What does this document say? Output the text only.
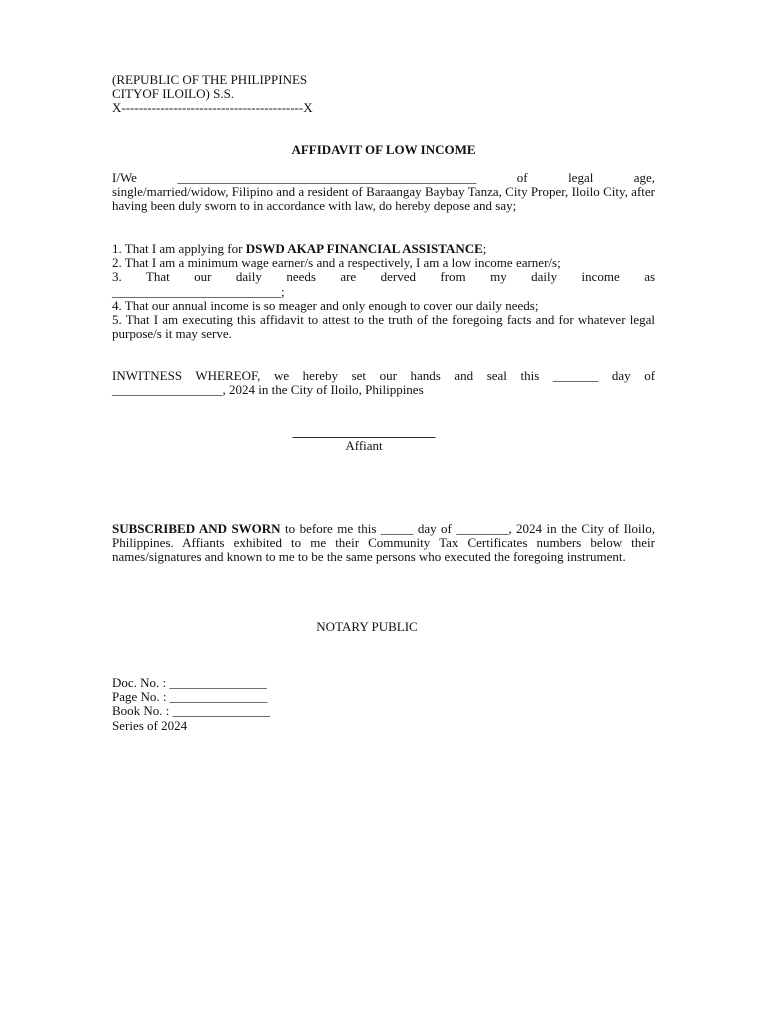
(REPUBLIC OF THE PHILIPPINES
CITYOF ILOILO) S.S.
X------------------------------------------X
AFFIDAVIT OF LOW INCOME
I/We	______________________________________________	of	legal	age,
single/married/widow, Filipino and a resident of Baraangay Baybay Tanza, City Proper, Iloilo City, after having been duly sworn to in accordance with law, do hereby depose and say;
1. That I am applying for DSWD AKAP FINANCIAL ASSISTANCE;
2. That I am a minimum wage earner/s and a respectively, I am a low income earner/s;
3. That our daily needs are derved from my daily income as
__________________________;
4. That our annual income is so meager and only enough to cover our daily needs;
5. That I am executing this affidavit to attest to the truth of the foregoing facts and for whatever legal purpose/s it may serve.
INWITNESS WHEREOF, we hereby set our hands and seal this _______ day of
_________________, 2024 in the City of Iloilo, Philippines
______________________
Affiant
SUBSCRIBED AND SWORN to before me this _____ day of ________, 2024 in the City of Iloilo, Philippines. Affiants exhibited to me their Community Tax Certificates numbers below their names/signatures and known to me to be the same persons who executed the foregoing instrument.
NOTARY PUBLIC
Doc. No. : _______________
Page No. : _______________
Book No. : _______________
Series of 2024
